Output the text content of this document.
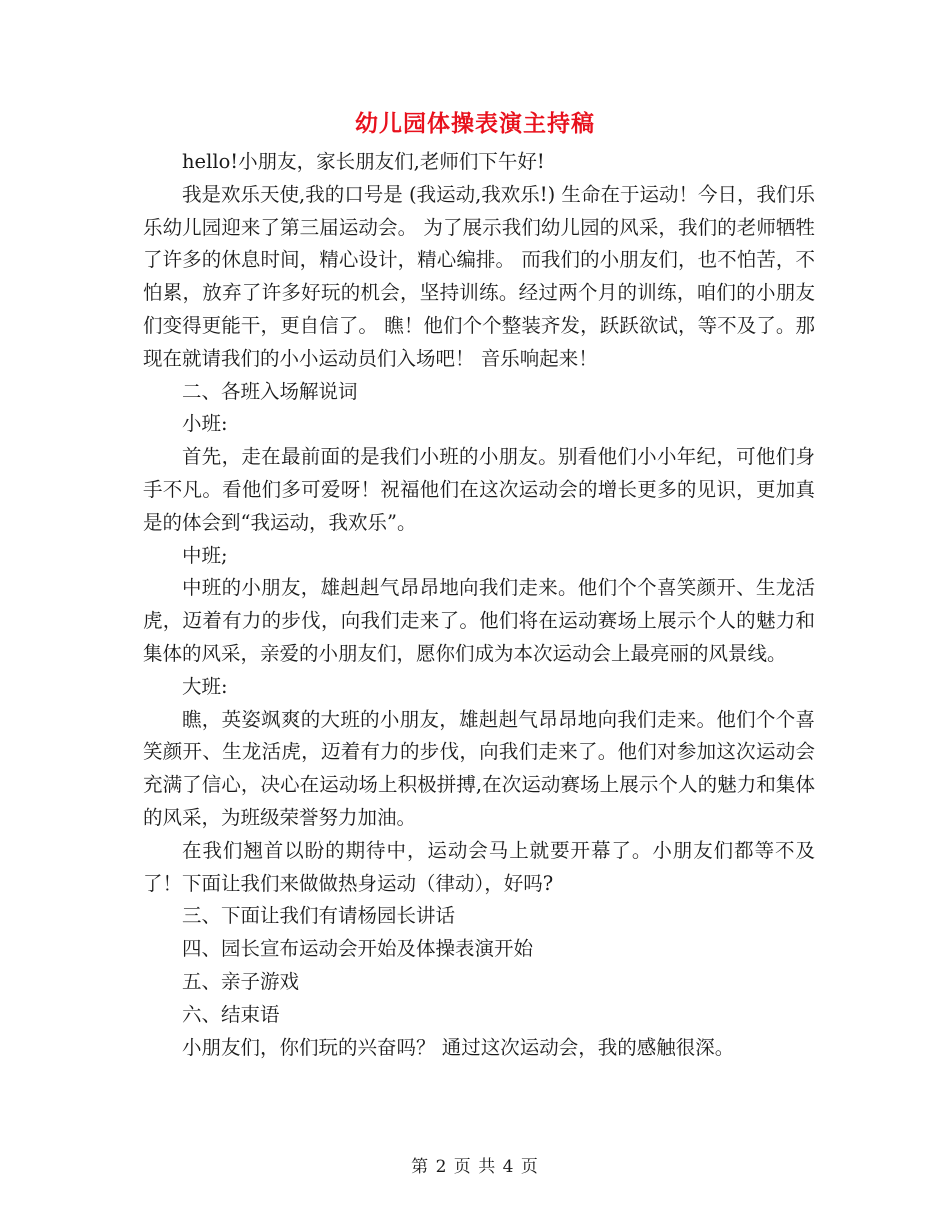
幼儿园体操表演主持稿

hello!小朋友，家长朋友们,老师们下午好!

我是欢乐天使,我的口号是 (我运动,我欢乐!) 生命在于运动！今日，我们乐乐幼儿园迎来了第三届运动会。 为了展示我们幼儿园的风采，我们的老师牺牲了许多的休息时间，精心设计，精心编排。 而我们的小朋友们，也不怕苦，不怕累，放弃了许多好玩的机会，坚持训练。经过两个月的训练，咱们的小朋友们变得更能干，更自信了。 瞧！他们个个整装齐发，跃跃欲试，等不及了。那现在就请我们的小小运动员们入场吧！ 音乐响起来！

二、各班入场解说词

小班:

首先，走在最前面的是我们小班的小朋友。别看他们小小年纪，可他们身手不凡。看他们多可爱呀！祝福他们在这次运动会的增长更多的见识，更加真是的体会到“我运动，我欢乐”。

中班;

中班的小朋友，雄赳赳气昂昂地向我们走来。他们个个喜笑颜开、生龙活虎，迈着有力的步伐，向我们走来了。他们将在运动赛场上展示个人的魅力和集体的风采，亲爱的小朋友们，愿你们成为本次运动会上最亮丽的风景线。

大班:

瞧，英姿飒爽的大班的小朋友，雄赳赳气昂昂地向我们走来。他们个个喜笑颜开、生龙活虎，迈着有力的步伐，向我们走来了。他们对参加这次运动会充满了信心，决心在运动场上积极拼搏,在次运动赛场上展示个人的魅力和集体的风采，为班级荣誉努力加油。

在我们翘首以盼的期待中，运动会马上就要开幕了。小朋友们都等不及了！下面让我们来做做热身运动（律动），好吗?

三、下面让我们有请杨园长讲话

四、园长宣布运动会开始及体操表演开始

五、亲子游戏

六、结束语

小朋友们，你们玩的兴奋吗？ 通过这次运动会，我的感触很深。

第 2 页 共 4 页
